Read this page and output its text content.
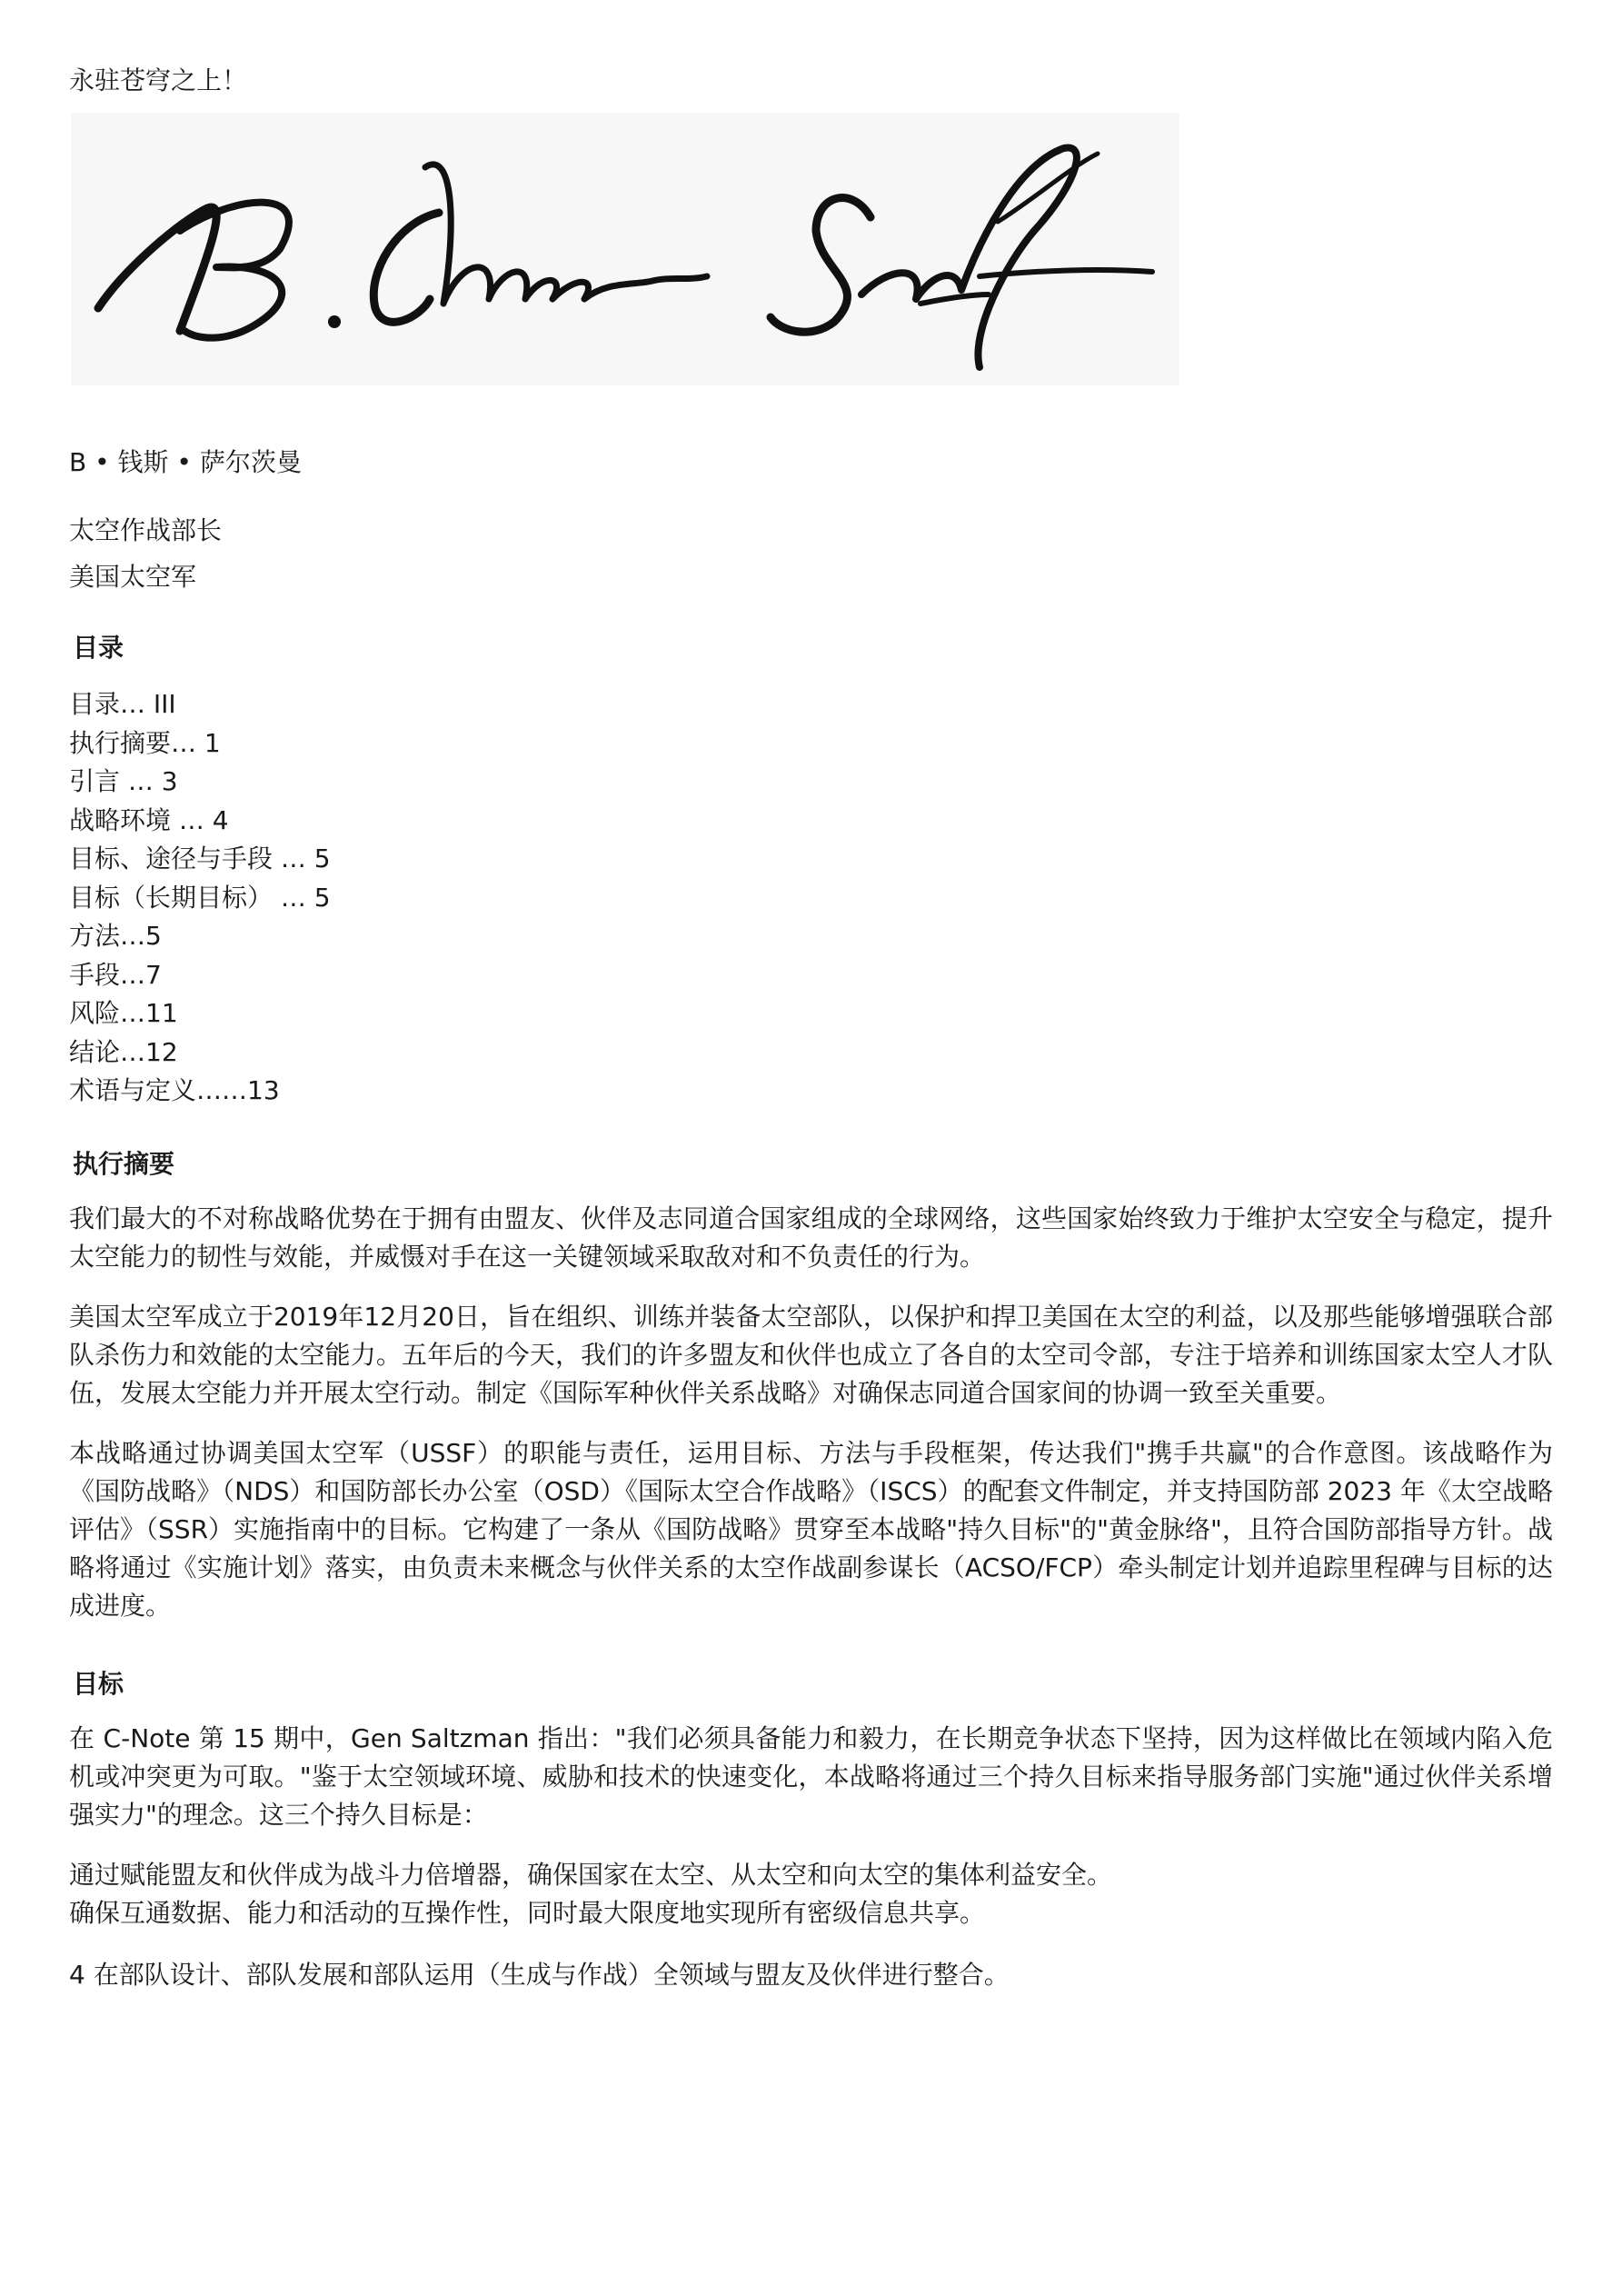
永驻苍穹之上！

B • 钱斯 • 萨尔茨曼

太空作战部长
美国太空军
目录
目录… III
执行摘要… 1
引言 … 3
战略环境 … 4
目标、途径与手段 … 5
目标（长期目标） … 5
方法…5
手段…7
风险…11
结论…12
术语与定义……13
执行摘要

我们最大的不对称战略优势在于拥有由盟友、伙伴及志同道合国家组成的全球网络，这些国家始终致力于维护太空安全与稳定，提升太空能力的韧性与效能，并威慑对手在这一关键领域采取敌对和不负责任的行为。

美国太空军成立于2019年12月20日，旨在组织、训练并装备太空部队，以保护和捍卫美国在太空的利益，以及那些能够增强联合部队杀伤力和效能的太空能力。五年后的今天，我们的许多盟友和伙伴也成立了各自的太空司令部，专注于培养和训练国家太空人才队伍，发展太空能力并开展太空行动。制定《国际军种伙伴关系战略》对确保志同道合国家间的协调一致至关重要。

本战略通过协调美国太空军（USSF）的职能与责任，运用目标、方法与手段框架，传达我们"携手共赢"的合作意图。该战略作为《国防战略》（NDS）和国防部长办公室（OSD）《国际太空合作战略》（ISCS）的配套文件制定，并支持国防部 2023 年《太空战略评估》（SSR）实施指南中的目标。它构建了一条从《国防战略》贯穿至本战略"持久目标"的"黄金脉络"，且符合国防部指导方针。战略将通过《实施计划》落实，由负责未来概念与伙伴关系的太空作战副参谋长（ACSO/FCP）牵头制定计划并追踪里程碑与目标的达成进度。

目标

在 C-Note 第 15 期中，Gen Saltzman 指出："我们必须具备能力和毅力，在长期竞争状态下坚持，因为这样做比在领域内陷入危机或冲突更为可取。"鉴于太空领域环境、威胁和技术的快速变化，本战略将通过三个持久目标来指导服务部门实施"通过伙伴关系增强实力"的理念。这三个持久目标是：

通过赋能盟友和伙伴成为战斗力倍增器，确保国家在太空、从太空和向太空的集体利益安全。
确保互通数据、能力和活动的互操作性，同时最大限度地实现所有密级信息共享。
4 在部队设计、部队发展和部队运用（生成与作战）全领域与盟友及伙伴进行整合。
